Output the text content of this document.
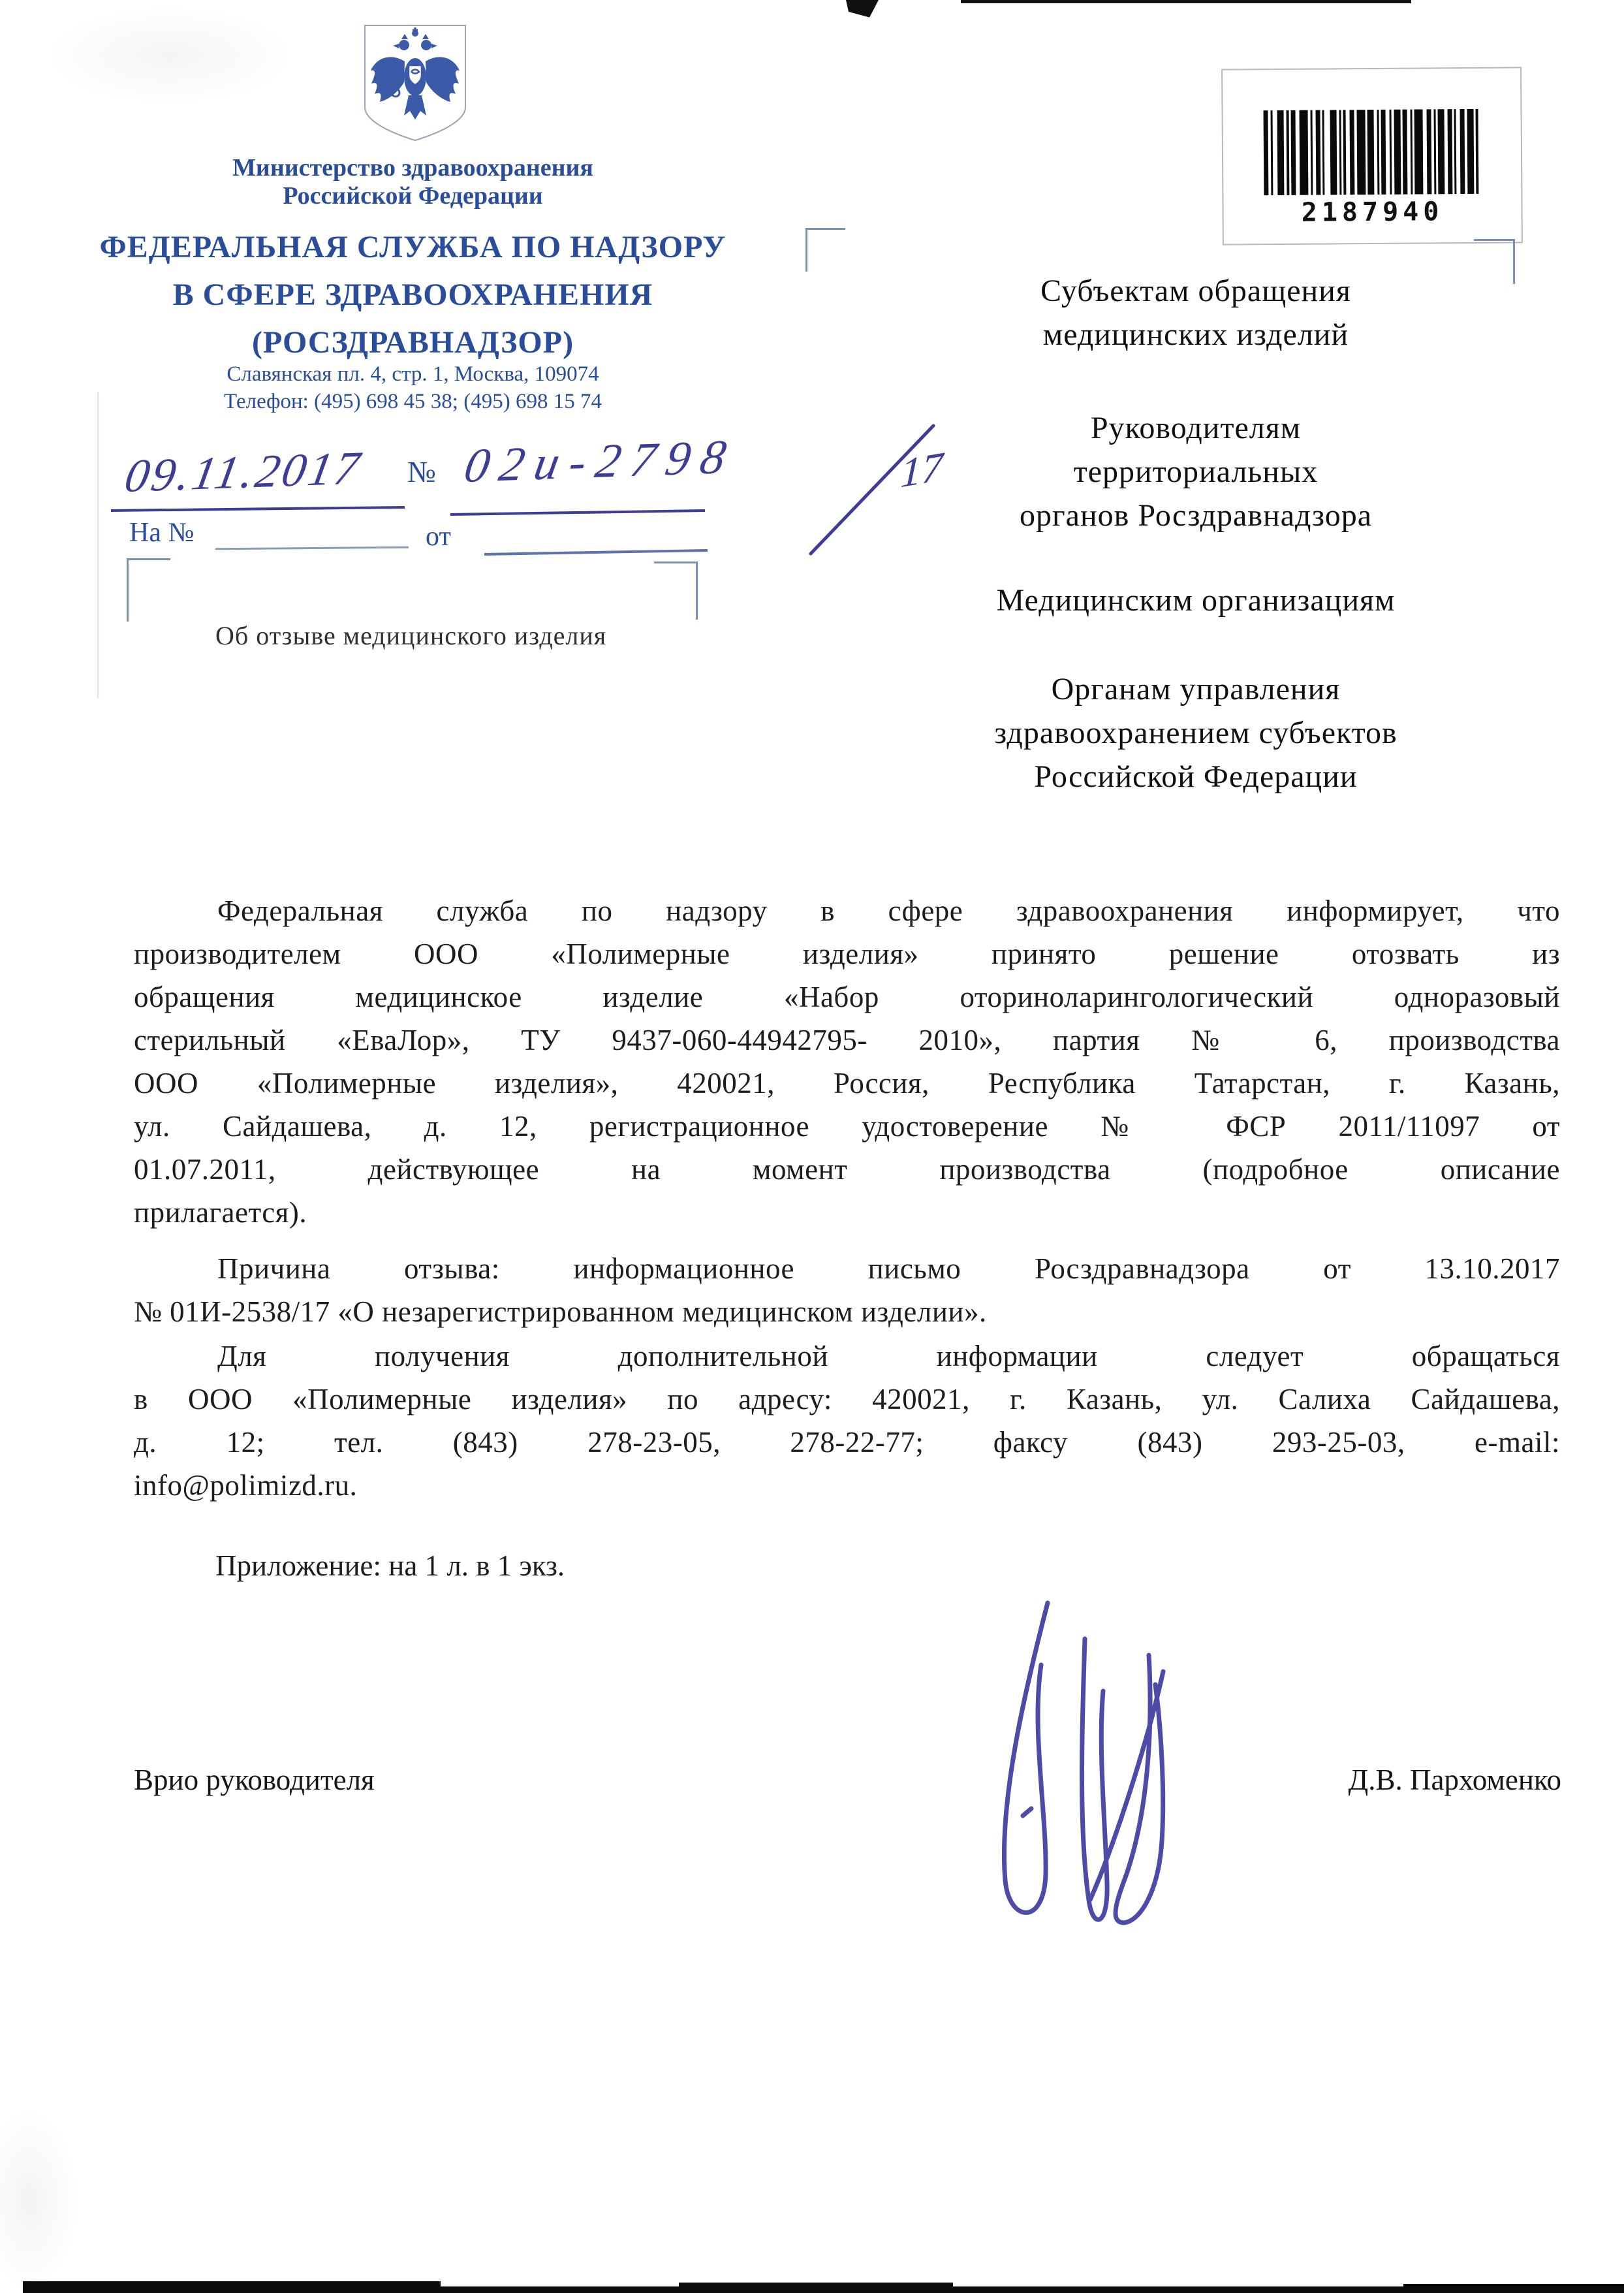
Министерство здравоохранения
Российской Федерации
ФЕДЕРАЛЬНАЯ СЛУЖБА ПО НАДЗОРУ
В СФЕРЕ ЗДРАВООХРАНЕНИЯ
(РОСЗДРАВНАДЗОР)
Славянская пл. 4, стр. 1, Москва, 109074
Телефон: (495) 698 45 38; (495) 698 15 74
2187940
09.11.2017 № 02и-2798	17
На №	от
Об отзыве медицинского изделия
Субъектам обращения
медицинских изделий
Руководителям
территориальных
органов Росздравнадзора
Медицинским организациям
Органам управления
здравоохранением субъектов
Российской Федерации
Федеральная служба по надзору в сфере здравоохранения информирует, что
производителем ООО «Полимерные изделия» принято решение отозвать из
обращения медицинское изделие «Набор оториноларингологический одноразовый
стерильный «ЕваЛор», ТУ 9437-060-44942795- 2010», партия № 6, производства
ООО «Полимерные изделия», 420021, Россия, Республика Татарстан, г. Казань,
ул. Сайдашева, д. 12, регистрационное удостоверение № ФСР 2011/11097 от
01.07.2011, действующее на момент производства (подробное описание
прилагается).
Причина отзыва: информационное письмо Росздравнадзора от 13.10.2017
№ 01И-2538/17 «О незарегистрированном медицинском изделии».
Для получения дополнительной информации следует обращаться
в ООО «Полимерные изделия» по адресу: 420021, г. Казань, ул. Салиха Сайдашева,
д. 12; тел. (843) 278-23-05, 278-22-77; факсу (843) 293-25-03, e-mail:
info@polimizd.ru.
Приложение: на 1 л. в 1 экз.
Врио руководителя	Д.В. Пархоменко
